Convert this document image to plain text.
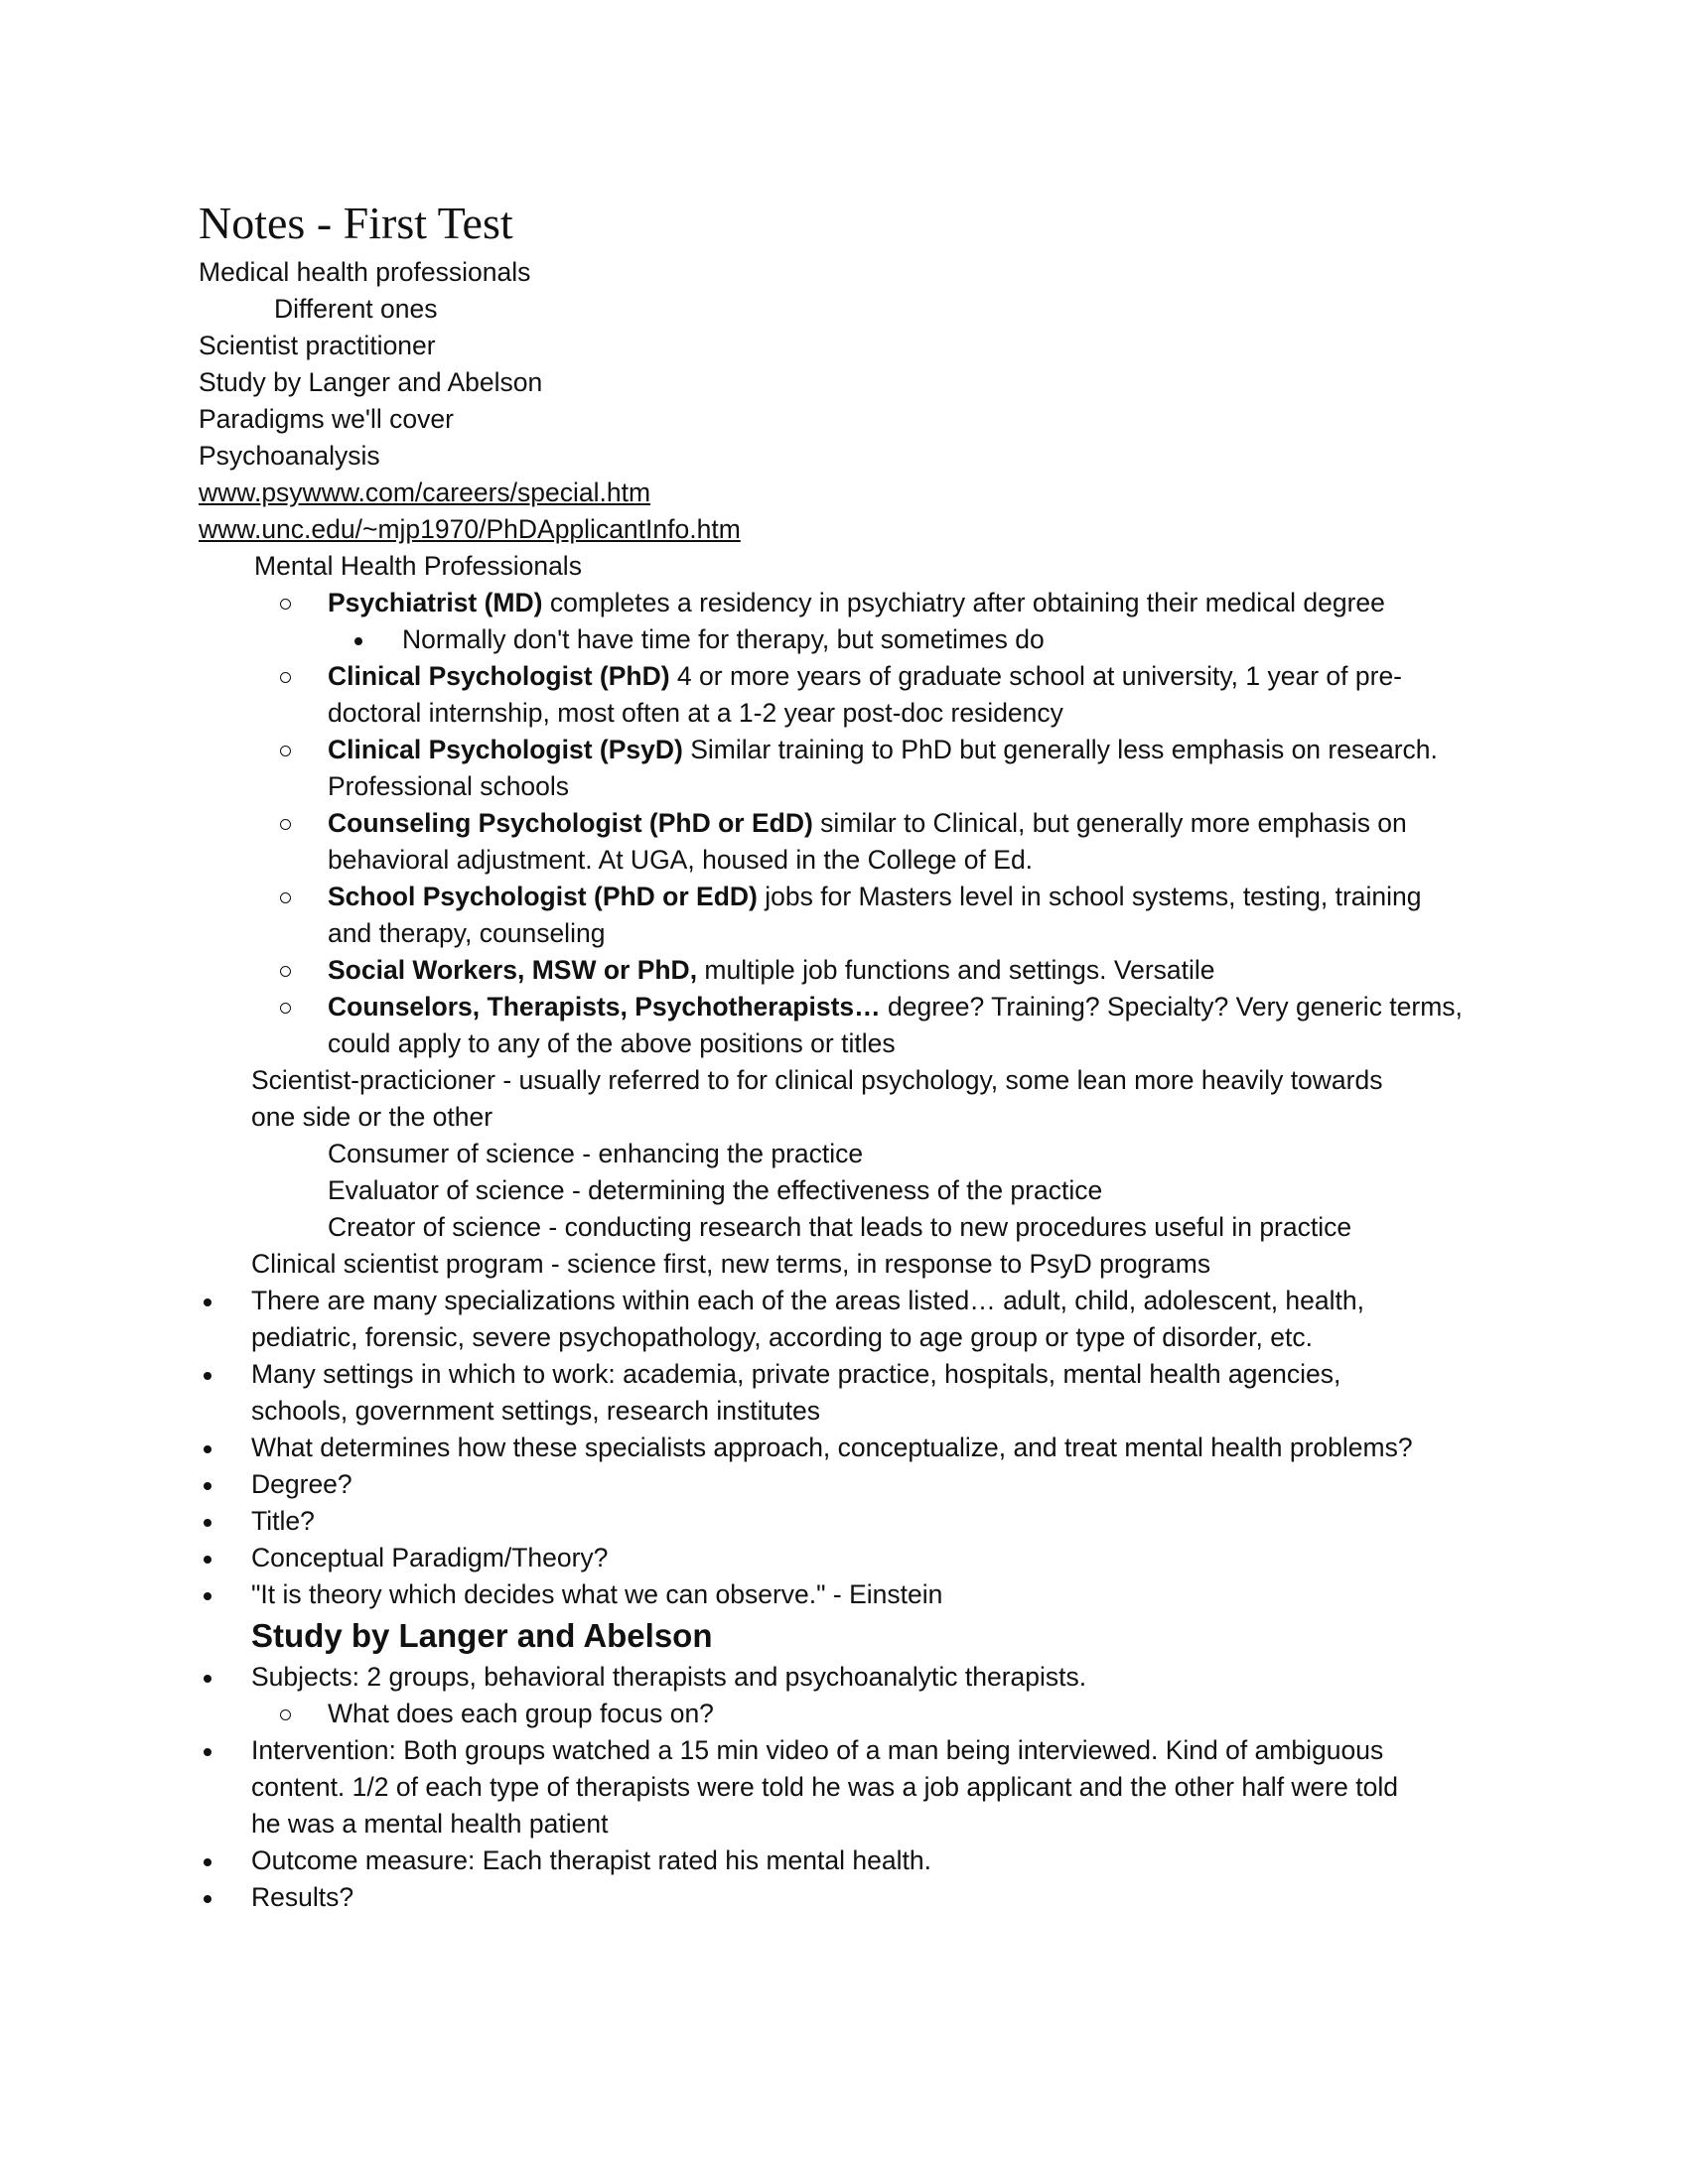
Notes - First Test
Medical health professionals
Different ones
Scientist practitioner
Study by Langer and Abelson
Paradigms we'll cover
Psychoanalysis
www.psywww.com/careers/special.htm
www.unc.edu/~mjp1970/PhDApplicantInfo.htm
Mental Health Professionals
Psychiatrist (MD) completes a residency in psychiatry after obtaining their medical degree
Normally don't have time for therapy, but sometimes do
Clinical Psychologist (PhD) 4 or more years of graduate school at university, 1 year of pre-
doctoral internship, most often at a 1-2 year post-doc residency
Clinical Psychologist (PsyD) Similar training to PhD but generally less emphasis on research.
Professional schools
Counseling Psychologist (PhD or EdD) similar to Clinical, but generally more emphasis on
behavioral adjustment. At UGA, housed in the College of Ed.
School Psychologist (PhD or EdD) jobs for Masters level in school systems, testing, training
and therapy, counseling
Social Workers, MSW or PhD, multiple job functions and settings. Versatile
Counselors, Therapists, Psychotherapists… degree? Training? Specialty? Very generic terms,
could apply to any of the above positions or titles
Scientist-practicioner - usually referred to for clinical psychology, some lean more heavily towards
one side or the other
Consumer of science - enhancing the practice
Evaluator of science - determining the effectiveness of the practice
Creator of science - conducting research that leads to new procedures useful in practice
Clinical scientist program - science first, new terms, in response to PsyD programs
There are many specializations within each of the areas listed… adult, child, adolescent, health,
pediatric, forensic, severe psychopathology, according to age group or type of disorder, etc.
Many settings in which to work: academia, private practice, hospitals, mental health agencies,
schools, government settings, research institutes
What determines how these specialists approach, conceptualize, and treat mental health problems?
Degree?
Title?
Conceptual Paradigm/Theory?
"It is theory which decides what we can observe." - Einstein
Study by Langer and Abelson
Subjects: 2 groups, behavioral therapists and psychoanalytic therapists.
What does each group focus on?
Intervention: Both groups watched a 15 min video of a man being interviewed. Kind of ambiguous
content. 1/2 of each type of therapists were told he was a job applicant and the other half were told
he was a mental health patient
Outcome measure: Each therapist rated his mental health.
Results?
